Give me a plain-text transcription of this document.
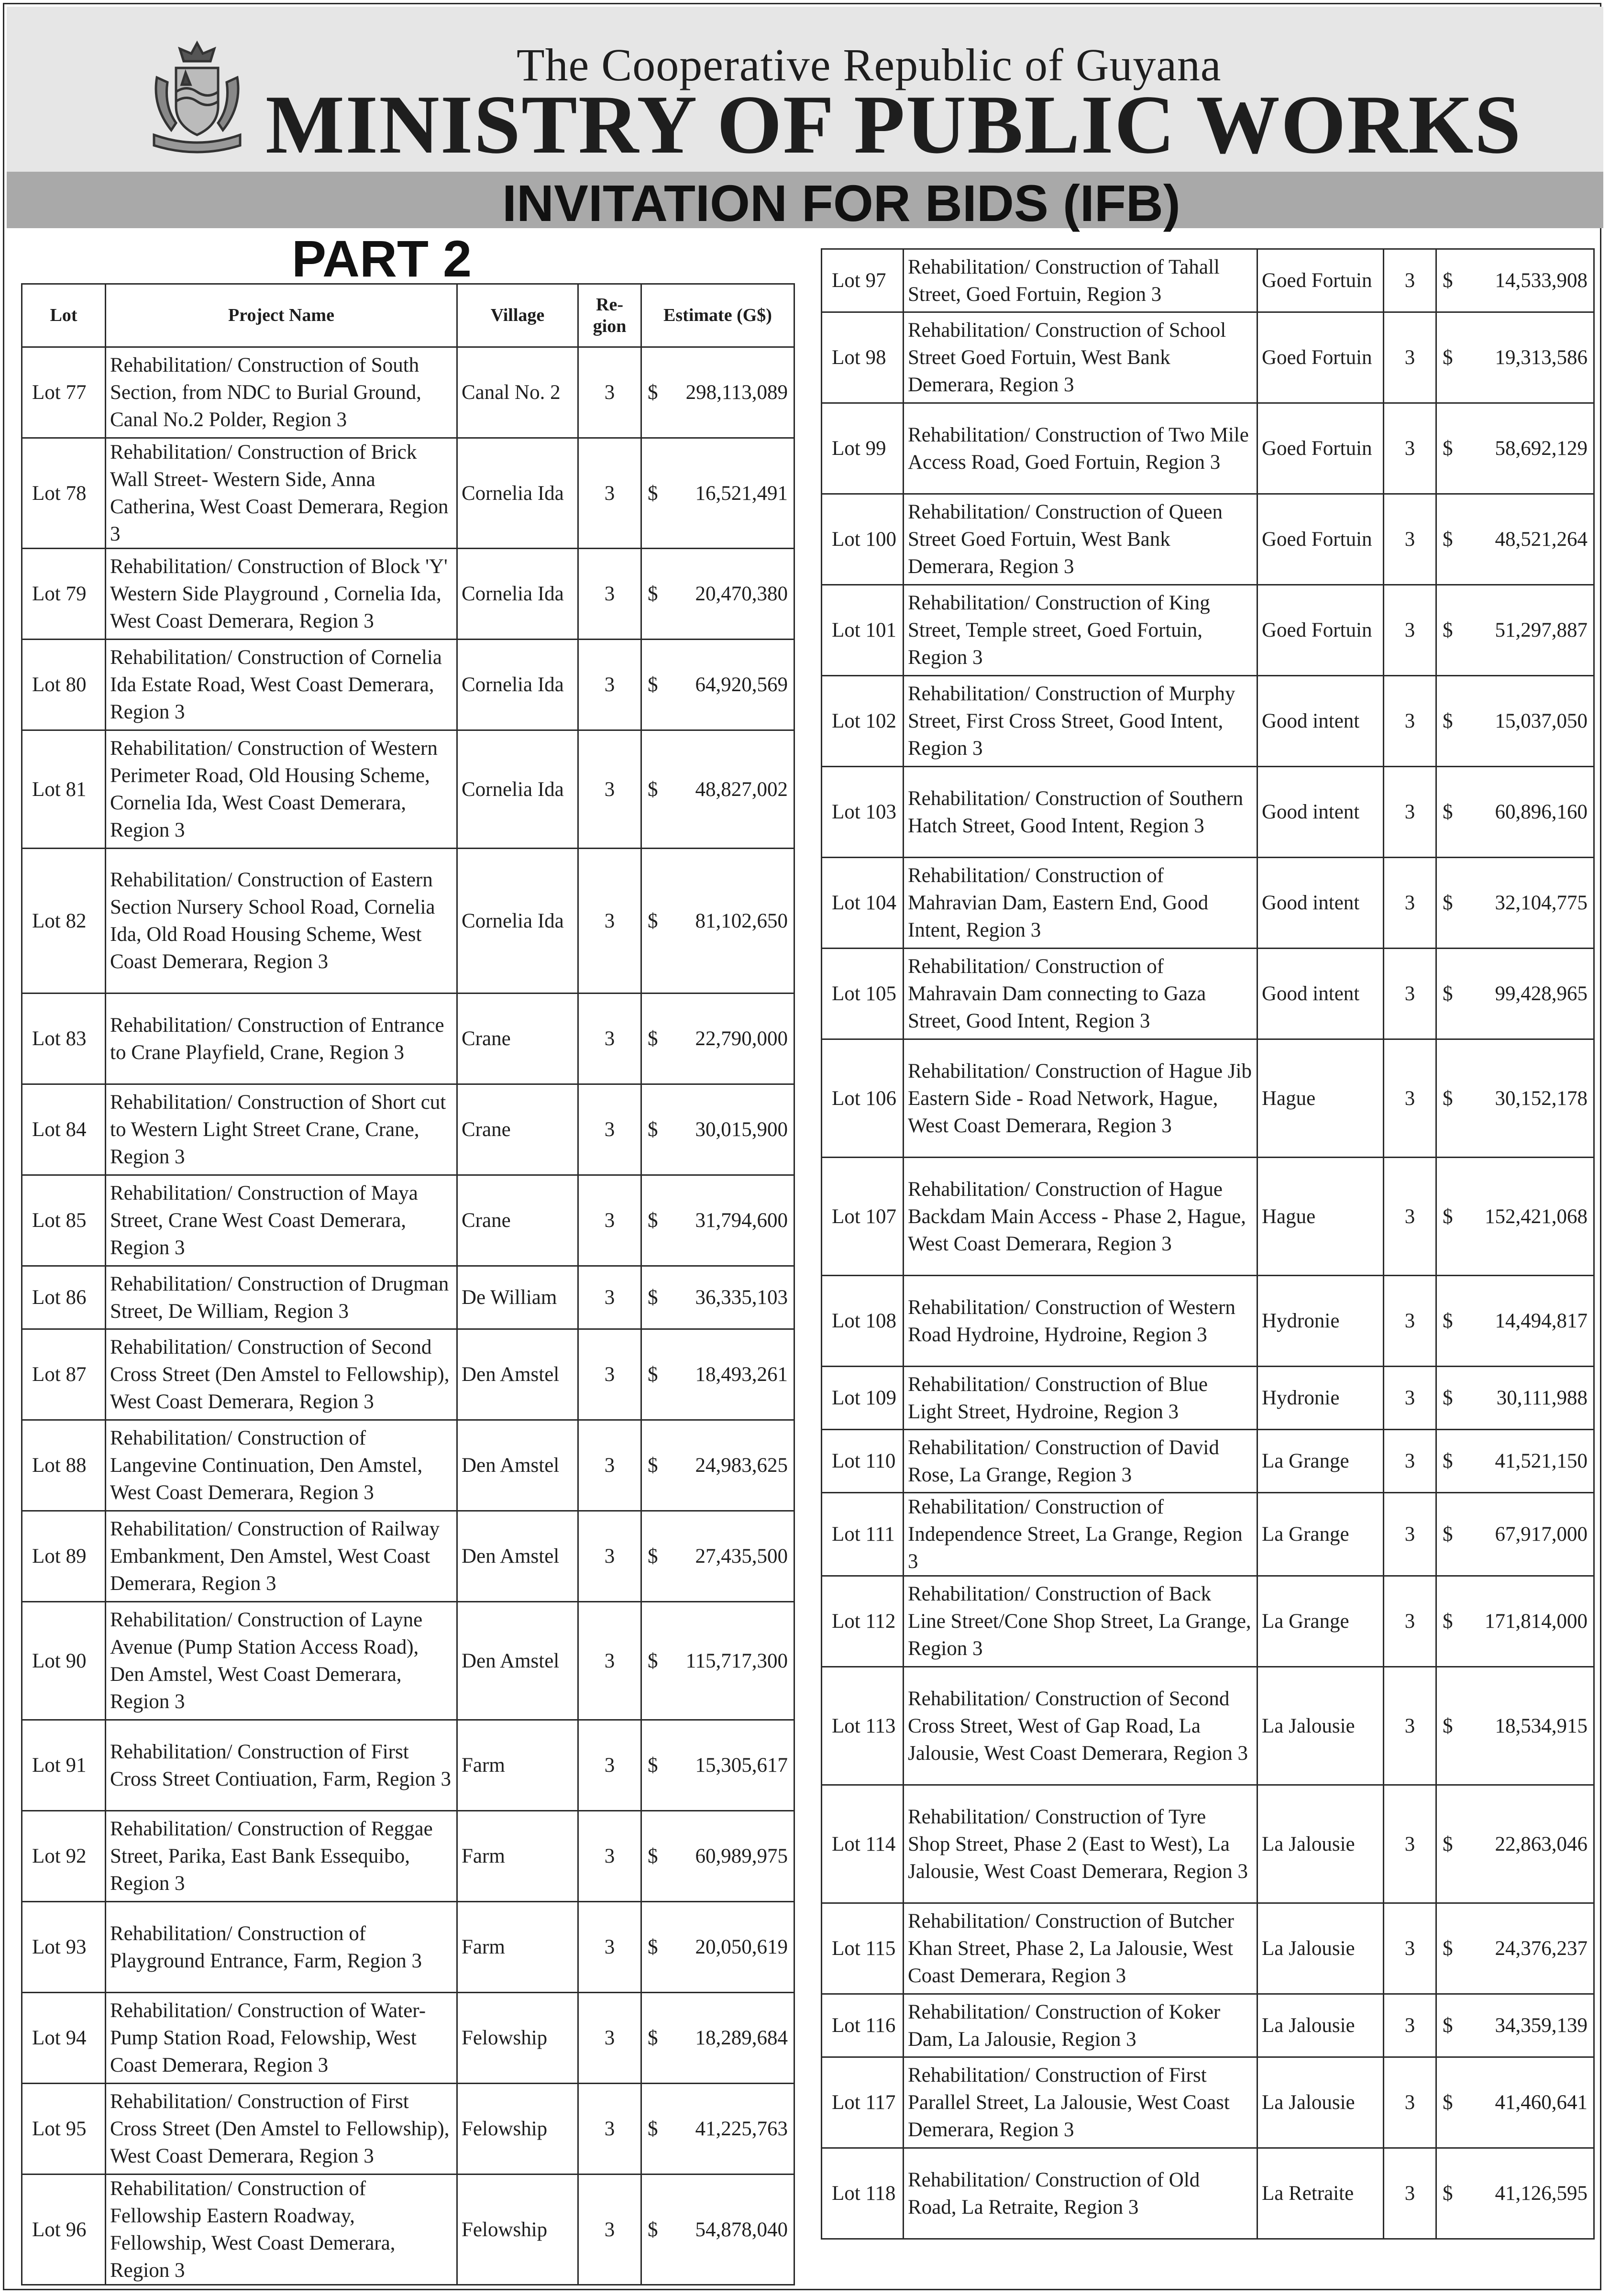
The Cooperative Republic of Guyana
MINISTRY OF PUBLIC WORKS
INVITATION FOR BIDS (IFB)
PART 2
Lot	Project Name	Village	Re-gion	Estimate (G$)
Lot 77	Rehabilitation/ Construction of South Section, from NDC to Burial Ground, Canal No.2 Polder, Region 3	Canal No. 2	3	$ 298,113,089

Lot 78	Rehabilitation/ Construction of Brick Wall Street- Western Side, Anna Catherina, West Coast Demerara, Region 3	Cornelia Ida	3	$ 16,521,491

Lot 79	Rehabilitation/ Construction of Block 'Y' Western Side Playground , Cornelia Ida, West Coast Demerara, Region 3	Cornelia Ida	3	$ 20,470,380

Lot 80	Rehabilitation/ Construction of Cornelia Ida Estate Road, West Coast Demerara, Region 3	Cornelia Ida	3	$ 64,920,569

Lot 81	Rehabilitation/ Construction of Western Perimeter Road, Old Housing Scheme, Cornelia Ida, West Coast Demerara, Region 3	Cornelia Ida	3	$ 48,827,002

Lot 82	Rehabilitation/ Construction of Eastern Section Nursery School Road, Cornelia Ida, Old Road Housing Scheme, West Coast Demerara, Region 3	Cornelia Ida	3	$ 81,102,650

Lot 83	Rehabilitation/ Construction of Entrance to Crane Playfield, Crane, Region 3	Crane	3	$ 22,790,000

Lot 84	Rehabilitation/ Construction of Short cut to Western Light Street Crane, Crane, Region 3	Crane	3	$ 30,015,900

Lot 85	Rehabilitation/ Construction of Maya Street, Crane West Coast Demerara, Region 3	Crane	3	$ 31,794,600

Lot 86	Rehabilitation/ Construction of Drugman Street, De William, Region 3	De William	3	$ 36,335,103

Lot 87	Rehabilitation/ Construction of Second Cross Street (Den Amstel to Fellowship), West Coast Demerara, Region 3	Den Amstel	3	$ 18,493,261

Lot 88	Rehabilitation/ Construction of Langevine Continuation, Den Amstel, West Coast Demerara, Region 3	Den Amstel	3	$ 24,983,625

Lot 89	Rehabilitation/ Construction of Railway Embankment, Den Amstel, West Coast Demerara, Region 3	Den Amstel	3	$ 27,435,500

Lot 90	Rehabilitation/ Construction of Layne Avenue (Pump Station Access Road), Den Amstel, West Coast Demerara, Region 3	Den Amstel	3	$ 115,717,300

Lot 91	Rehabilitation/ Construction of First Cross Street Contiuation, Farm, Region 3	Farm	3	$ 15,305,617

Lot 92	Rehabilitation/ Construction of Reggae Street, Parika, East Bank Essequibo, Region 3	Farm	3	$ 60,989,975

Lot 93	Rehabilitation/ Construction of Playground Entrance, Farm, Region 3	Farm	3	$ 20,050,619

Lot 94	Rehabilitation/ Construction of Water-Pump Station Road, Felowship, West Coast Demerara, Region 3	Felowship	3	$ 18,289,684

Lot 95	Rehabilitation/ Construction of First Cross Street (Den Amstel to Fellowship), West Coast Demerara, Region 3	Felowship	3	$ 41,225,763

Lot 96	Rehabilitation/ Construction of Fellowship Eastern Roadway, Fellowship, West Coast Demerara, Region 3	Felowship	3	$ 54,878,040
Lot 97	Rehabilitation/ Construction of Tahall Street, Goed Fortuin, Region 3	Goed Fortuin	3	$ 14,533,908

Lot 98	Rehabilitation/ Construction of School Street Goed Fortuin, West Bank Demerara, Region 3	Goed Fortuin	3	$ 19,313,586

Lot 99	Rehabilitation/ Construction of Two Mile Access Road, Goed Fortuin, Region 3	Goed Fortuin	3	$ 58,692,129

Lot 100	Rehabilitation/ Construction of Queen Street Goed Fortuin, West Bank Demerara, Region 3	Goed Fortuin	3	$ 48,521,264

Lot 101	Rehabilitation/ Construction of King Street, Temple street, Goed Fortuin, Region 3	Goed Fortuin	3	$ 51,297,887

Lot 102	Rehabilitation/ Construction of Murphy Street, First Cross Street, Good Intent, Region 3	Good intent	3	$ 15,037,050

Lot 103	Rehabilitation/ Construction of Southern Hatch Street, Good Intent, Region 3	Good intent	3	$ 60,896,160

Lot 104	Rehabilitation/ Construction of Mahravian Dam, Eastern End, Good Intent, Region 3	Good intent	3	$ 32,104,775

Lot 105	Rehabilitation/ Construction of Mahravain Dam connecting to Gaza Street, Good Intent, Region 3	Good intent	3	$ 99,428,965

Lot 106	Rehabilitation/ Construction of Hague Jib Eastern Side - Road Network, Hague, West Coast Demerara, Region 3	Hague	3	$ 30,152,178

Lot 107	Rehabilitation/ Construction of Hague Backdam Main Access - Phase 2, Hague, West Coast Demerara, Region 3	Hague	3	$ 152,421,068

Lot 108	Rehabilitation/ Construction of Western Road Hydroine, Hydroine, Region 3	Hydronie	3	$ 14,494,817

Lot 109	Rehabilitation/ Construction of Blue Light Street, Hydroine, Region 3	Hydronie	3	$ 30,111,988

Lot 110	Rehabilitation/ Construction of David Rose, La Grange, Region 3	La Grange	3	$ 41,521,150

Lot 111	Rehabilitation/ Construction of Independence Street, La Grange, Region 3	La Grange	3	$ 67,917,000

Lot 112	Rehabilitation/ Construction of Back Line Street/Cone Shop Street, La Grange, Region 3	La Grange	3	$ 171,814,000

Lot 113	Rehabilitation/ Construction of Second Cross Street, West of Gap Road, La Jalousie, West Coast Demerara, Region 3	La Jalousie	3	$ 18,534,915

Lot 114	Rehabilitation/ Construction of Tyre Shop Street, Phase 2 (East to West), La Jalousie, West Coast Demerara, Region 3	La Jalousie	3	$ 22,863,046

Lot 115	Rehabilitation/ Construction of Butcher Khan Street, Phase 2, La Jalousie, West Coast Demerara, Region 3	La Jalousie	3	$ 24,376,237

Lot 116	Rehabilitation/ Construction of Koker Dam, La Jalousie, Region 3	La Jalousie	3	$ 34,359,139

Lot 117	Rehabilitation/ Construction of First Parallel Street, La Jalousie, West Coast Demerara, Region 3	La Jalousie	3	$ 41,460,641

Lot 118	Rehabilitation/ Construction of Old Road, La Retraite, Region 3	La Retraite	3	$ 41,126,595
